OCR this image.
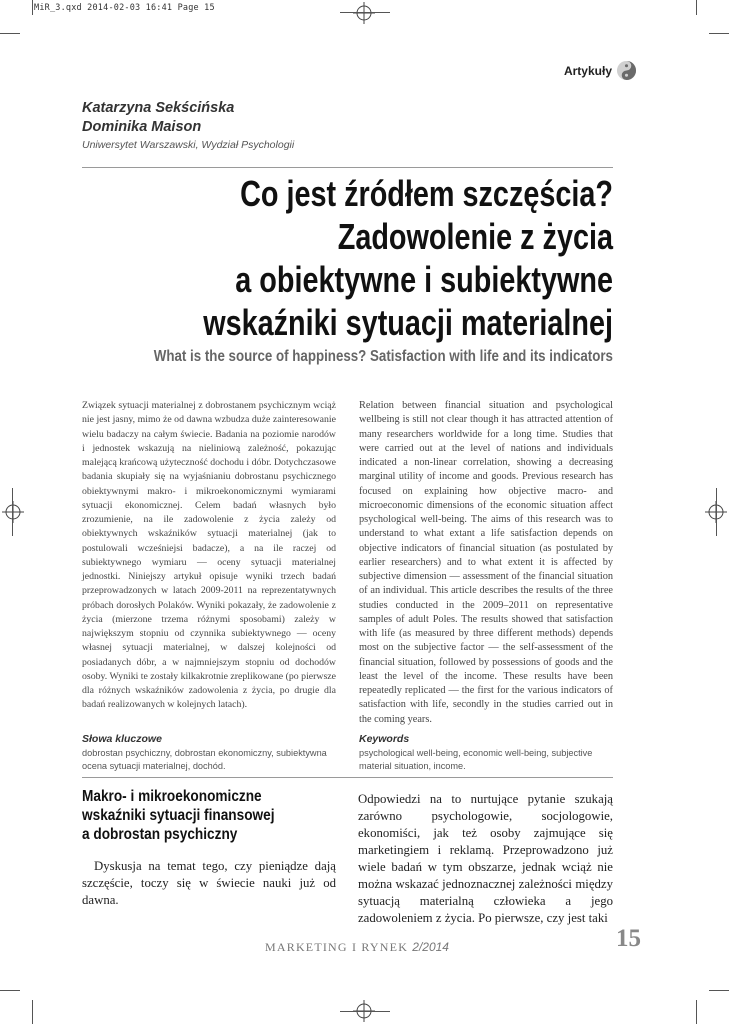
MiR_3.qxd 2014-02-03 16:41 Page 15
Artykuły
Katarzyna Sekścińska
Dominika Maison
Uniwersytet Warszawski, Wydział Psychologii
Co jest źródłem szczęścia?
Zadowolenie z życia
a obiektywne i subiektywne
wskaźniki sytuacji materialnej
What is the source of happiness? Satisfaction with life and its indicators
Związek sytuacji materialnej z dobrostanem psychicznym wciąż nie jest jasny, mimo że od dawna wzbudza duże zainteresowanie wielu badaczy na całym świecie. Badania na poziomie narodów i jednostek wskazują na nieliniową zależność, pokazując malejącą krańcową użyteczność dochodu i dóbr. Dotychczasowe badania skupiały się na wyjaśnianiu dobrostanu psychicznego obiektywnymi makro- i mikroekonomicznymi wymiarami sytuacji ekonomicznej. Celem badań własnych było zrozumienie, na ile zadowolenie z życia zależy od obiektywnych wskaźników sytuacji materialnej (jak to postulowali wcześniejsi badacze), a na ile raczej od subiektywnego wymiaru — oceny sytuacji materialnej jednostki. Niniejszy artykuł opisuje wyniki trzech badań przeprowadzonych w latach 2009-2011 na reprezentatywnych próbach dorosłych Polaków. Wyniki pokazały, że zadowolenie z życia (mierzone trzema różnymi sposobami) zależy w największym stopniu od czynnika subiektywnego — oceny własnej sytuacji materialnej, w dalszej kolejności od posiadanych dóbr, a w najmniejszym stopniu od dochodów osoby. Wyniki te zostały kilkakrotnie zreplikowane (po pierwsze dla różnych wskaźników zadowolenia z życia, po drugie dla badań realizowanych w kolejnych latach).
Relation between financial situation and psychological wellbeing is still not clear though it has attracted attention of many researchers worldwide for a long time. Studies that were carried out at the level of nations and individuals indicated a non-linear correlation, showing a decreasing marginal utility of income and goods. Previous research has focused on explaining how objective macro- and microeconomic dimensions of the economic situation affect psychological well-being. The aims of this research was to understand to what extant a life satisfaction depends on objective indicators of financial situation (as postulated by earlier researchers) and to what extent it is affected by subjective dimension — assessment of the financial situation of an individual. This article describes the results of the three studies conducted in the 2009–2011 on representative samples of adult Poles. The results showed that satisfaction with life (as measured by three different methods) depends most on the subjective factor — the self-assessment of the financial situation, followed by possessions of goods and the least the level of the income. These results have been repeatedly replicated — the first for the various indicators of satisfaction with life, secondly in the studies carried out in the coming years.
Słowa kluczowe
dobrostan psychiczny, dobrostan ekonomiczny, subiektywna ocena sytuacji materialnej, dochód.
Keywords
psychological well-being, economic well-being, subjective material situation, income.
Makro- i mikroekonomiczne
wskaźniki sytuacji finansowej
a dobrostan psychiczny
Dyskusja na temat tego, czy pieniądze dają szczęście, toczy się w świecie nauki już od dawna.
Odpowiedzi na to nurtujące pytanie szukają zarówno psychologowie, socjologowie, ekonomiści, jak też osoby zajmujące się marketingiem i reklamą. Przeprowadzono już wiele badań w tym obszarze, jednak wciąż nie można wskazać jednoznacznej zależności między sytuacją materialną człowieka a jego zadowoleniem z życia. Po pierwsze, czy jest taki
MARKETING I RYNEK 2/2014	15
